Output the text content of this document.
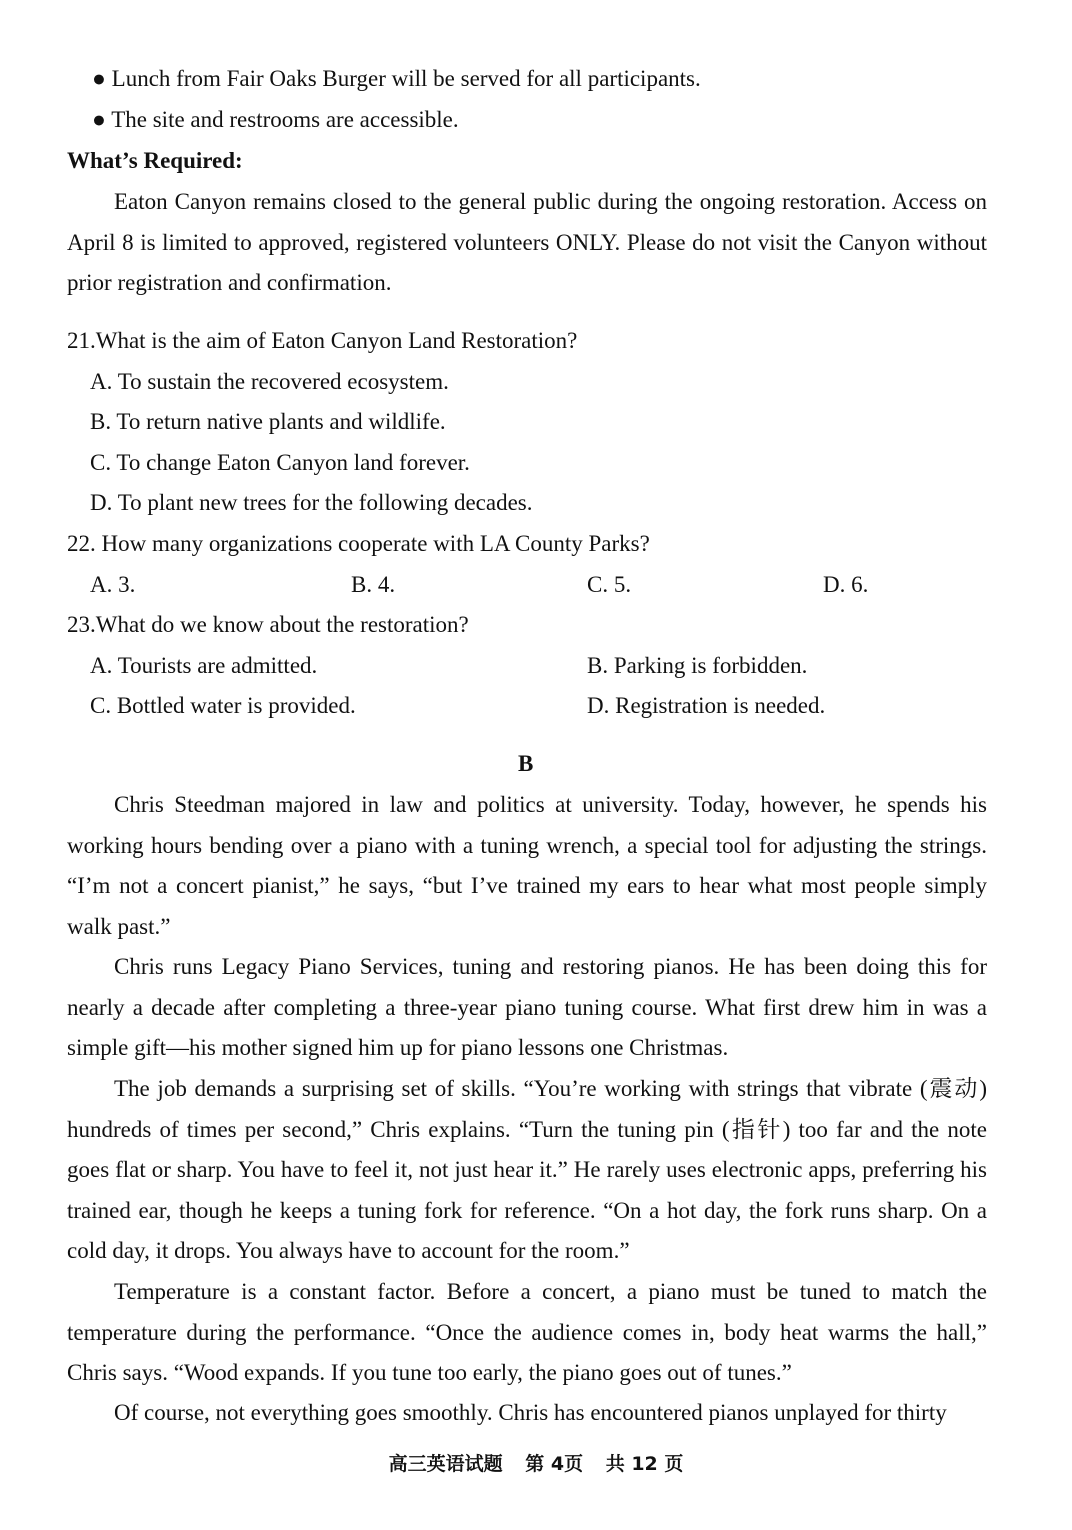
● Lunch from Fair Oaks Burger will be served for all participants.
● The site and restrooms are accessible.
What’s Required:
Eaton Canyon remains closed to the general public during the ongoing restoration. Access on April 8 is limited to approved, registered volunteers ONLY. Please do not visit the Canyon without prior registration and confirmation.
21.What is the aim of Eaton Canyon Land Restoration?
A. To sustain the recovered ecosystem.
B. To return native plants and wildlife.
C. To change Eaton Canyon land forever.
D. To plant new trees for the following decades.
22. How many organizations cooperate with LA County Parks?
A. 3.	B. 4.	C. 5.	D. 6.
23.What do we know about the restoration?
A. Tourists are admitted.	B. Parking is forbidden.
C. Bottled water is provided.	D. Registration is needed.
B
Chris Steedman majored in law and politics at university. Today, however, he spends his working hours bending over a piano with a tuning wrench, a special tool for adjusting the strings. “I’m not a concert pianist,” he says, “but I’ve trained my ears to hear what most people simply walk past.”
Chris runs Legacy Piano Services, tuning and restoring pianos. He has been doing this for nearly a decade after completing a three-year piano tuning course. What first drew him in was a simple gift—his mother signed him up for piano lessons one Christmas.
The job demands a surprising set of skills. “You’re working with strings that vibrate (震动) hundreds of times per second,” Chris explains. “Turn the tuning pin (指针) too far and the note goes flat or sharp. You have to feel it, not just hear it.” He rarely uses electronic apps, preferring his trained ear, though he keeps a tuning fork for reference. “On a hot day, the fork runs sharp. On a cold day, it drops. You always have to account for the room.”
Temperature is a constant factor. Before a concert, a piano must be tuned to match the temperature during the performance. “Once the audience comes in, body heat warms the hall,” Chris says. “Wood expands. If you tune too early, the piano goes out of tunes.”
Of course, not everything goes smoothly. Chris has encountered pianos unplayed for thirty
高三英语试题 第 4页 共 12 页
